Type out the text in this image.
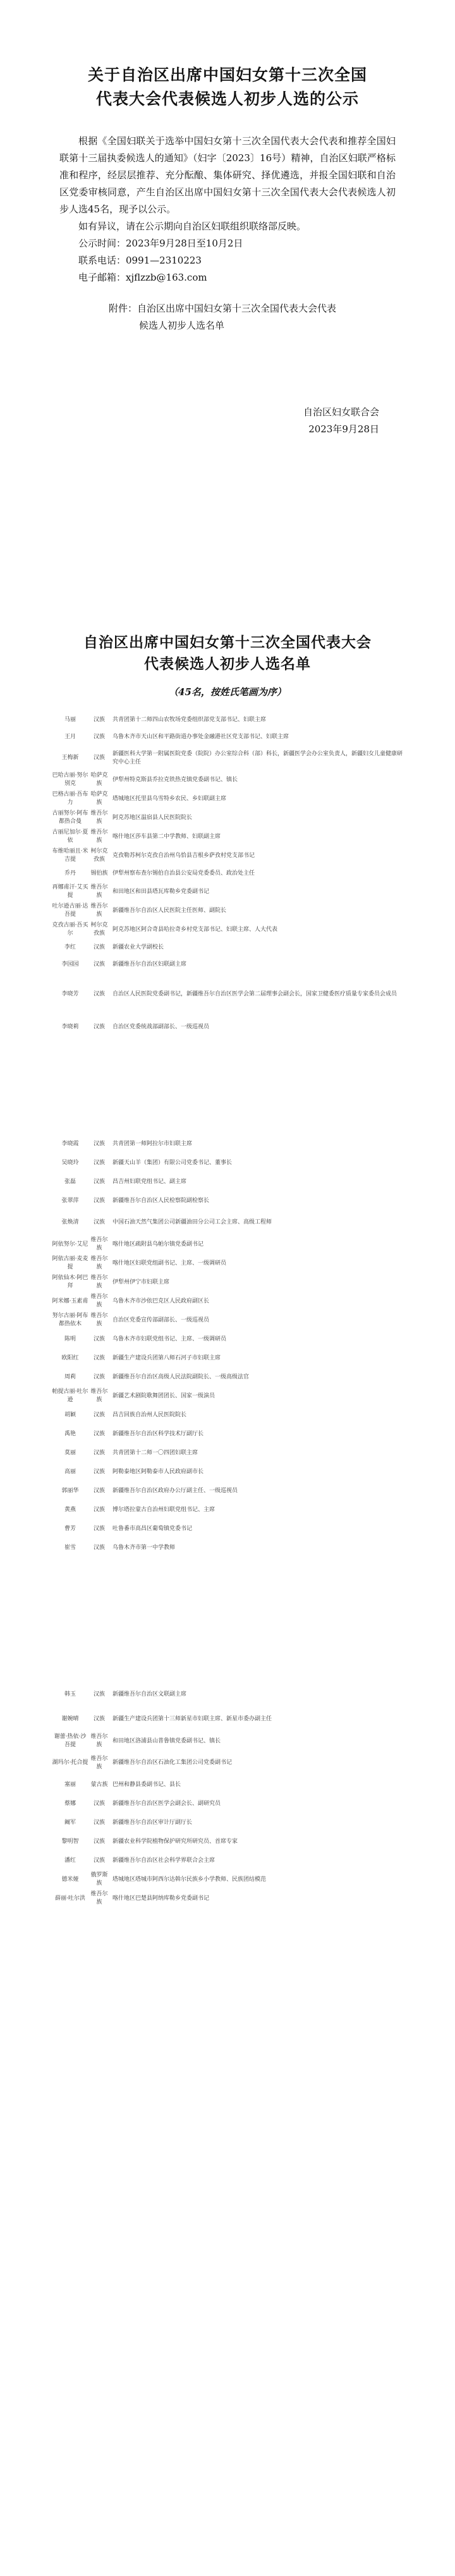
关于自治区出席中国妇女第十三次全国
代表大会代表候选人初步人选的公示

根据《全国妇联关于选举中国妇女第十三次全国代表大会代表和推荐全国妇联第十三届执委候选人的通知》（妇字〔2023〕16号）精神，自治区妇联严格标准和程序，经层层推荐、充分酝酿、集体研究、择优遴选，并报全国妇联和自治区党委审核同意，产生自治区出席中国妇女第十三次全国代表大会代表候选人初步人选45名，现予以公示。

如有异议，请在公示期向自治区妇联组织联络部反映。

公示时间：2023年9月28日至10月2日

联系电话：0991—2310223

电子邮箱：xjflzzb@163.com

附件：自治区出席中国妇女第十三次全国代表大会代表
候选人初步人选名单

自治区妇女联合会
2023年9月28日
自治区出席中国妇女第十三次全国代表大会
代表候选人初步人选名单
（45名，按姓氏笔画为序）
马丽	汉族	共青团第十二师四山农牧场党委组织部党支部书记、妇联主席
王月	汉族	乌鲁木齐市天山区和平路街道办事处金融港社区党支部书记、妇联主席
王梅新	汉族	新疆医科大学第一附属医院党委（院院）办公室综合科（部）科长，新疆医学会办公室负责人，新疆妇女儿童健康研究中心主任
巴哈古丽·努尔别克	哈萨克族	伊犁州特克斯县乔拉克铁热克镇党委副书记、镇长
巴格古丽·吾布力	哈萨克族	塔城地区托里县乌雪特乡农民、乡妇联副主席
古丽努尔·阿布都热合曼	维吾尔族	阿克苏地区温宿县人民医院院长
古丽尼加尔·夏依	维吾尔族	喀什地区莎车县第二中学教师、妇联副主席
布维哈丽且·米吉提	柯尔克孜族	克孜勒苏柯尔克孜自治州乌恰县吉根乡萨孜村党支部书记
乔丹	锡伯族	伊犁州察布查尔锡伯自治县公安局党委委员、政治处主任
再娜甫汗·艾买提	维吾尔族	和田地区和田县塔瓦库勒乡党委副书记
吐尔逊古丽·达吾提	维吾尔族	新疆维吾尔自治区人民医院主任医师、副院长
克孜古丽·吾买尔	柯尔克孜族	阿克苏地区阿合奇县哈拉奇乡村党支部书记、妇联主席、人大代表
李红	汉族	新疆农业大学副校长
李园园	汉族	新疆维吾尔自治区妇联副主席
李晓芳	汉族	自治区人民医院党委副书记，新疆维吾尔自治区医学会第二届理事会副会长，国家卫健委医疗质量专家委员会成员
李晓莉	汉族	自治区党委统战部副部长、一级巡视员
李晓霞	汉族	共青团第一师阿拉尔市妇联主席
吴晓玲	汉族	新疆天山羊（集团）有限公司党委书记、董事长
张磊	汉族	昌吉州妇联党组书记、副主席
张翠萍	汉族	新疆维吾尔自治区人民检察院副检察长
张焕清	汉族	中国石油天然气集团公司新疆油田分公司工会主席、高级工程师
阿依努尔·艾尼	维吾尔族	喀什地区疏附县乌帕尔镇党委副书记
阿依古丽·麦麦提	维吾尔族	喀什地区妇联党组副书记、主席、一级调研员
阿依仙木·阿巴拜	维吾尔族	伊犁州伊宁市妇联主席
阿米娜·玉素甫	维吾尔族	乌鲁木齐市沙依巴克区人民政府副区长
努尔古丽·阿布都热依木	维吾尔族	自治区党委宣传部副部长、一级巡视员
陈明	汉族	乌鲁木齐市妇联党组书记、主席、一级调研员
欧阳红	汉族	新疆生产建设兵团第八师石河子市妇联主席
周莉	汉族	新疆维吾尔自治区高级人民法院副院长、一级高级法官
帕提古丽·吐尔逊	维吾尔族	新疆艺术剧院歌舞团团长、国家一级演员
胡颖	汉族	昌吉回族自治州人民医院院长
禹艳	汉族	新疆维吾尔自治区科学技术厅副厅长
莫丽	汉族	共青团第十二师一〇四团妇联主席
高丽	汉族	阿勒泰地区阿勒泰市人民政府副市长
郭丽华	汉族	新疆维吾尔自治区政府办公厅副主任、一级巡视员
黄燕	汉族	博尔塔拉蒙古自治州妇联党组书记、主席
曹芳	汉族	吐鲁番市高昌区葡萄镇党委书记
崔雪	汉族	乌鲁木齐市第一中学教师
韩玉	汉族	新疆维吾尔自治区文联副主席
谢婉晴	汉族	新疆生产建设兵团第十三师新星市妇联主席、新星市委办副主任
谢蕾·热依·沙吾提	维吾尔族	和田地区洛浦县山普鲁镇党委副书记、镇长
湖玛尔·托合提	维吾尔族	新疆维吾尔自治区石油化工集团公司党委副书记
塞丽	蒙古族	巴州和静县委副书记、县长
蔡娜	汉族	新疆维吾尔自治区医学会副会长、副研究员
阚军	汉族	新疆维吾尔自治区审计厅副厅长
黎明智	汉族	新疆农业科学院植物保护研究所研究员、首席专家
潘红	汉族	新疆维吾尔自治区社会科学界联合会主席
德米娅	俄罗斯族	塔城地区塔城市阿西尔达斡尔民族乡小学教师、民族团结模范
薛丽·吐尔洪	维吾尔族	喀什地区巴楚县阿纳库勒乡党委副书记
